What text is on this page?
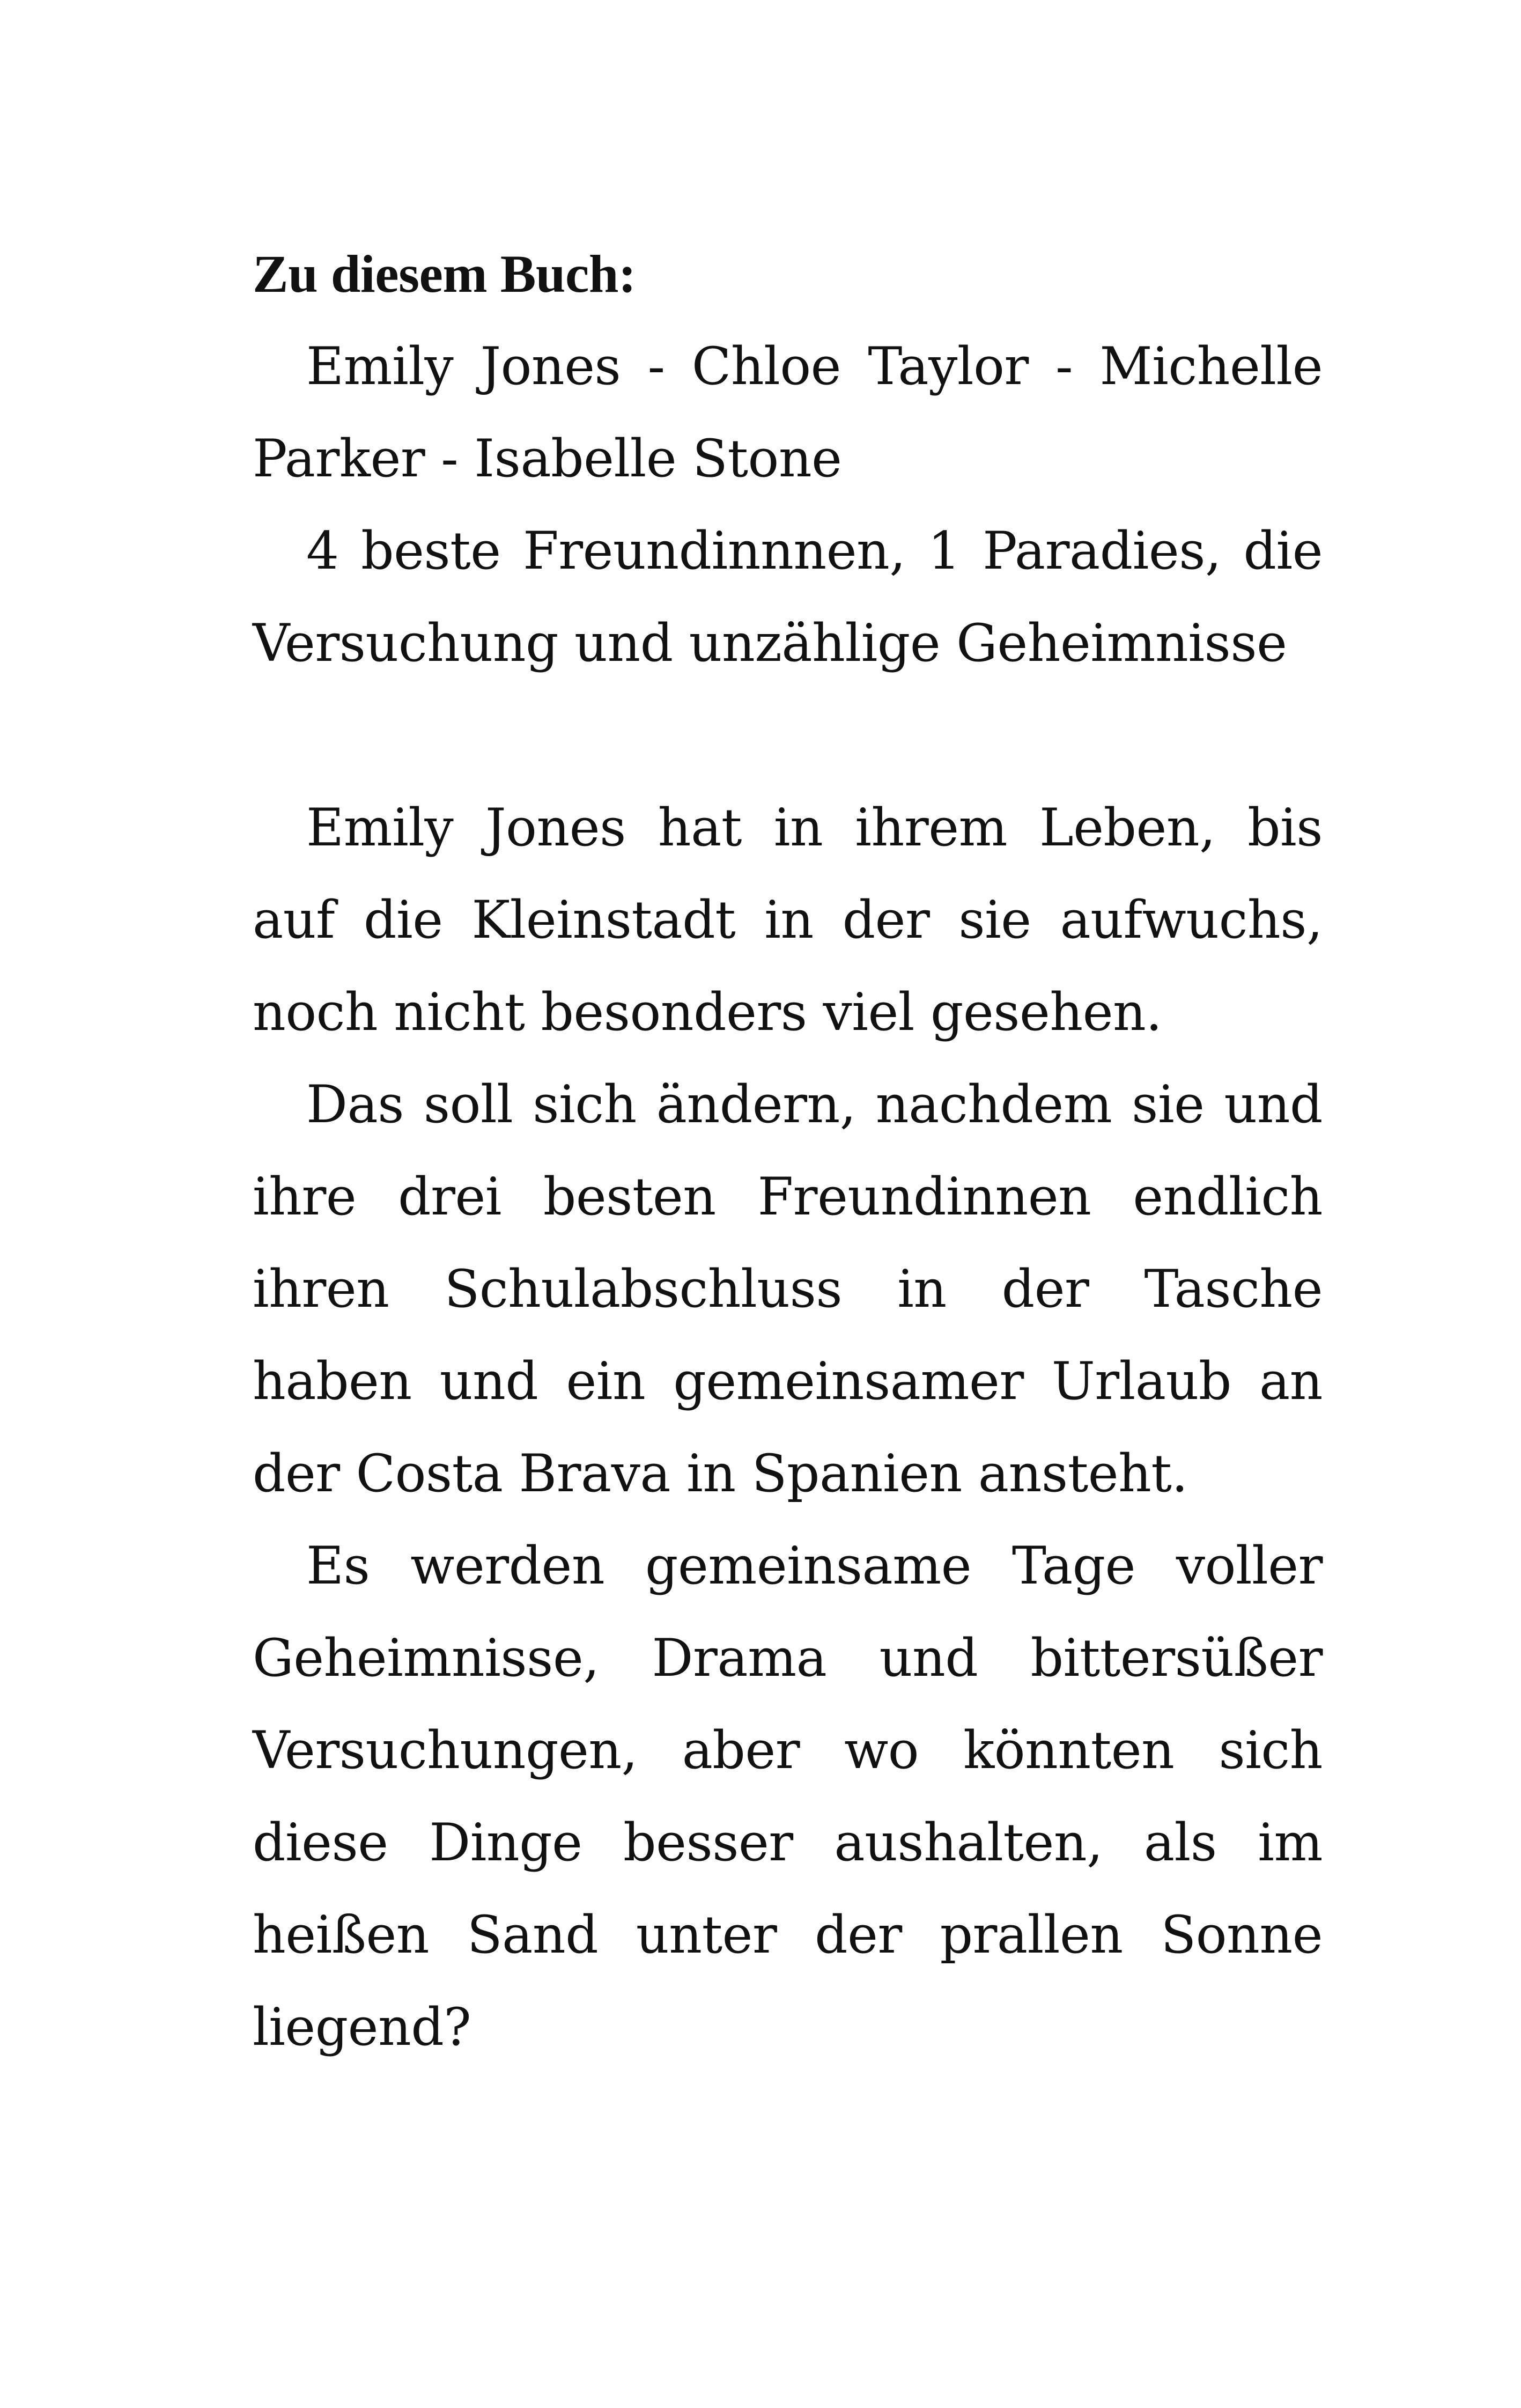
Zu diesem Buch:

Emily Jones - Chloe Taylor - Michelle Parker - Isabelle Stone

4 beste Freundinnnen, 1 Paradies, die Versuchung und unzählige Geheimnisse

Emily Jones hat in ihrem Leben, bis auf die Kleinstadt in der sie aufwuchs, noch nicht besonders viel gesehen.

Das soll sich ändern, nachdem sie und ihre drei besten Freundinnen endlich ihren Schulabschluss in der Tasche haben und ein gemeinsamer Urlaub an der Costa Brava in Spanien ansteht.

Es werden gemeinsame Tage voller Geheimnisse, Drama und bittersüßer Versuchungen, aber wo könnten sich diese Dinge besser aushalten, als im heißen Sand unter der prallen Sonne liegend?
